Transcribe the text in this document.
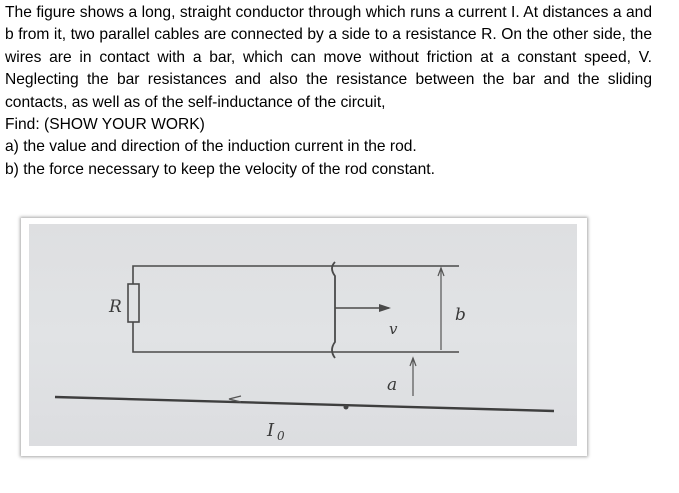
The figure shows a long, straight conductor through which runs a current I. At distances a and b from it, two parallel cables are connected by a side to a resistance R. On the other side, the wires are in contact with a bar, which can move without friction at a constant speed, V. Neglecting the bar resistances and also the resistance between the bar and the sliding contacts, as well as of the self-inductance of the circuit,

Find: (SHOW YOUR WORK)

a) the value and direction of the induction current in the rod.

b) the force necessary to keep the velocity of the rod constant.

R
v
b
a
I 0
